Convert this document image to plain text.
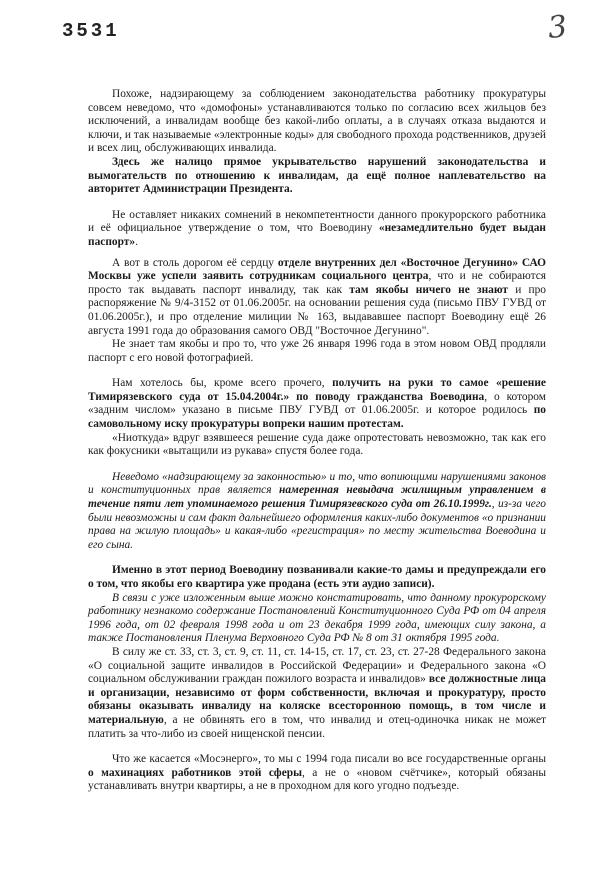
3531	3

Похоже, надзирающему за соблюдением законодательства работнику прокуратуры совсем неведомо, что «домофоны» устанавливаются только по согласию всех жильцов без исключений, а инвалидам вообще без какой-либо оплаты, а в случаях отказа выдаются и ключи, и так называемые «электронные коды» для свободного прохода родственников, друзей и всех лиц, обслуживающих инвалида.

Здесь же налицо прямое укрывательство нарушений законодательства и вымогательств по отношению к инвалидам, да ещё полное наплевательство на авторитет Администрации Президента.

Не оставляет никаких сомнений в некомпетентности данного прокурорского работника и её официальное утверждение о том, что Воеводину «незамедлительно будет выдан паспорт».

А вот в столь дорогом её сердцу отделе внутренних дел «Восточное Дегунино» САО Москвы уже успели заявить сотрудникам социального центра, что и не собираются просто так выдавать паспорт инвалиду, так как там якобы ничего не знают и про распоряжение № 9/4-3152 от 01.06.2005г. на основании решения суда (письмо ПВУ ГУВД от 01.06.2005г.), и про отделение милиции № 163, выдававшее паспорт Воеводину ещё 26 августа 1991 года до образования самого ОВД "Восточное Дегунино".

Не знает там якобы и про то, что уже 26 января 1996 года в этом новом ОВД продляли паспорт с его новой фотографией.

Нам хотелось бы, кроме всего прочего, получить на руки то самое «решение Тимирязевского суда от 15.04.2004г.» по поводу гражданства Воеводина, о котором «задним числом» указано в письме ПВУ ГУВД от 01.06.2005г. и которое родилось по самовольному иску прокуратуры вопреки нашим протестам.

«Ниоткуда» вдруг взявшееся решение суда даже опротестовать невозможно, так как его как фокусники «вытащили из рукава» спустя более года.

Неведомо «надзирающему за законностью» и то, что вопиющими нарушениями законов и конституционных прав является намеренная невыдача жилищным управлением в течение пяти лет упоминаемого решения Тимирязевского суда от 26.10.1999г., из-за чего были невозможны и сам факт дальнейшего оформления каких-либо документов «о признании права на жилую площадь» и какая-либо «регистрация» по месту жительства Воеводина и его сына.

Именно в этот период Воеводину позванивали какие-то дамы и предупреждали его о том, что якобы его квартира уже продана (есть эти аудио записи).

В связи с уже изложенным выше можно констатировать, что данному прокурорскому работнику незнакомо содержание Постановлений Конституционного Суда РФ от 04 апреля 1996 года, от 02 февраля 1998 года и от 23 декабря 1999 года, имеющих силу закона, а также Постановления Пленума Верховного Суда РФ № 8 от 31 октября 1995 года.

В силу же ст. 33, ст. 3, ст. 9, ст. 11, ст. 14-15, ст. 17, ст. 23, ст. 27-28 Федерального закона «О социальной защите инвалидов в Российской Федерации» и Федерального закона «О социальном обслуживании граждан пожилого возраста и инвалидов» все должностные лица и организации, независимо от форм собственности, включая и прокуратуру, просто обязаны оказывать инвалиду на коляске всесторонною помощь, в том числе и материальную, а не обвинять его в том, что инвалид и отец-одиночка никак не может платить за что-либо из своей нищенской пенсии.

Что же касается «Мосэнерго», то мы с 1994 года писали во все государственные органы о махинациях работников этой сферы, а не о «новом счётчике», который обязаны устанавливать внутри квартиры, а не в проходном для кого угодно подъезде.
